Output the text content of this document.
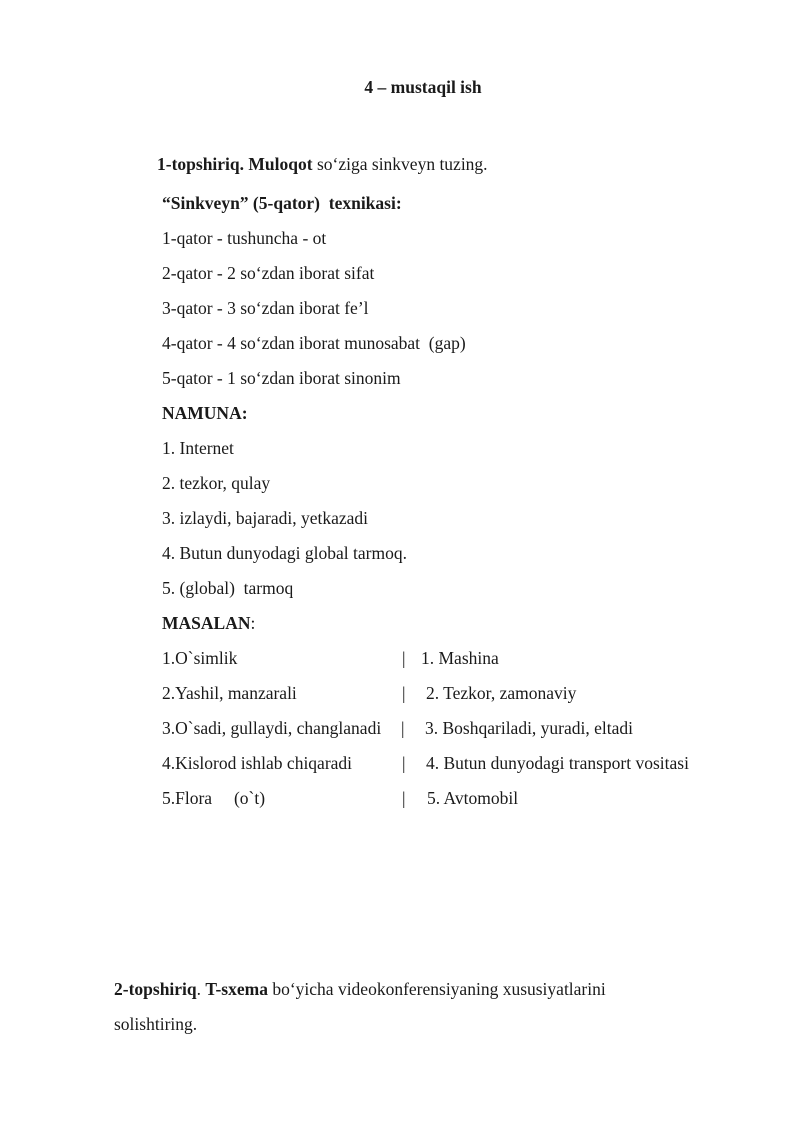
4 – mustaqil ish
1-topshiriq. Muloqot so‘ziga sinkveyn tuzing.
“Sinkveyn” (5-qator)  texnikasi:
1-qator - tushuncha - ot
2-qator - 2 so‘zdan iborat sifat
3-qator - 3 so‘zdan iborat fe’l
4-qator - 4 so‘zdan iborat munosabat  (gap)
5-qator - 1 so‘zdan iborat sinonim
NAMUNA:
1. Internet
2. tezkor, qulay
3. izlaydi, bajaradi, yetkazadi
4. Butun dunyodagi global tarmoq.
5. (global)  tarmoq
MASALAN:
1.O`simlik	| 1. Mashina
2.Yashil, manzarali	| 2. Tezkor, zamonaviy
3.O`sadi, gullaydi, changlanadi | 3. Boshqariladi, yuradi, eltadi
4.Kislorod ishlab chiqaradi	| 4. Butun dunyodagi transport vositasi
5.Flora     (o`t)	| 5. Avtomobil
2-topshiriq. T-sxema bo‘yicha videokonferensiyaning xususiyatlarini
solishtiring.
